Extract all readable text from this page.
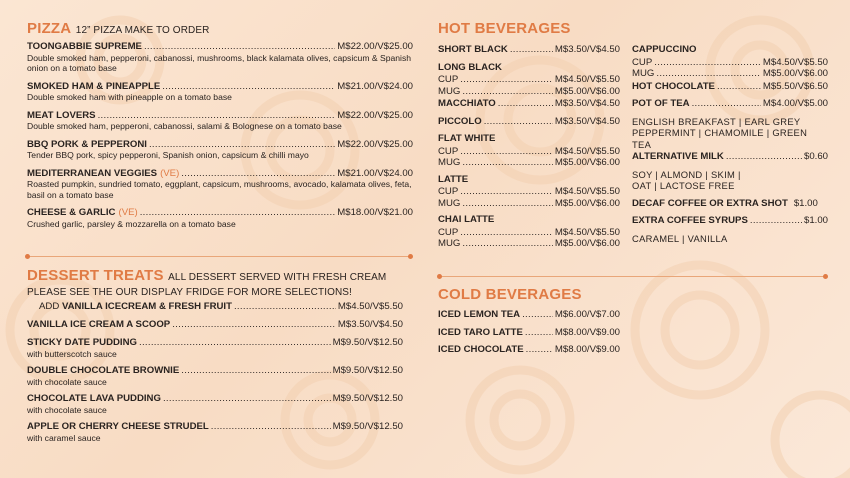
PIZZA 12” PIZZA MAKE TO ORDER
TOONGABBIE SUPREME .....	M$22.00/V$25.00
Double smoked ham, pepperoni, cabanossi, mushrooms, black kalamata olives, capsicum & Spanish onion on a tomato base
SMOKED HAM & PINEAPPLE .....	M$21.00/V$24.00
Double smoked ham with pineapple on a tomato base
MEAT LOVERS .....	M$22.00/V$25.00
Double smoked ham, pepperoni, cabanossi, salami & Bolognese on a tomato base
BBQ PORK & PEPPERONI .....	M$22.00/V$25.00
Tender BBQ pork, spicy pepperoni, Spanish onion, capsicum & chilli mayo
MEDITERRANEAN VEGGIES (VE) .....	M$21.00/V$24.00
Roasted pumpkin, sundried tomato, eggplant, capsicum, mushrooms, avocado, kalamata olives, feta, basil on a tomato base
CHEESE & GARLIC (VE) .....	M$18.00/V$21.00
Crushed garlic, parsley & mozzarella on a tomato base
DESSERT TREATS ALL DESSERT SERVED WITH FRESH CREAM
PLEASE SEE THE OUR DISPLAY FRIDGE FOR MORE SELECTIONS!
ADD
VANILLA ICECREAM & FRESH FRUIT .....	M$4.50/V$5.50
VANILLA ICE CREAM A SCOOP .....	M$3.50/V$4.50
STICKY DATE PUDDING .....	M$9.50/V$12.50
with butterscotch sauce
DOUBLE CHOCOLATE BROWNIE .....	M$9.50/V$12.50
with chocolate sauce
CHOCOLATE LAVA PUDDING .....	M$9.50/V$12.50
with chocolate sauce
APPLE OR CHERRY CHEESE STRUDEL .....	M$9.50/V$12.50
with caramel sauce
HOT BEVERAGES
SHORT BLACK .....	M$3.50/V$4.50
LONG BLACK
CUP .....	M$4.50/V$5.50
MUG .....	M$5.00/V$6.00
MACCHIATO .....	M$3.50/V$4.50
PICCOLO .....	M$3.50/V$4.50
FLAT WHITE
CUP .....	M$4.50/V$5.50
MUG .....	M$5.00/V$6.00
LATTE
CUP .....	M$4.50/V$5.50
MUG .....	M$5.00/V$6.00
CHAI LATTE
CUP .....	M$4.50/V$5.50
MUG .....	M$5.00/V$6.00
CAPPUCCINO
CUP .....	M$4.50/V$5.50
MUG .....	M$5.00/V$6.00
HOT CHOCOLATE .....	M$5.50/V$6.50
POT OF TEA .....	M$4.00/V$5.00
ENGLISH BREAKFAST | EARL GREY
PEPPERMINT | CHAMOMILE | GREEN TEA
ALTERNATIVE MILK .....	$0.60
SOY | ALMOND | SKIM |
OAT | LACTOSE FREE
DECAF COFFEE OR EXTRA SHOT $1.00
EXTRA COFFEE SYRUPS .....	$1.00
CARAMEL | VANILLA
COLD BEVERAGES
ICED LEMON TEA .....	M$6.00/V$7.00
ICED TARO LATTE .....	M$8.00/V$9.00
ICED CHOCOLATE .....	M$8.00/V$9.00
